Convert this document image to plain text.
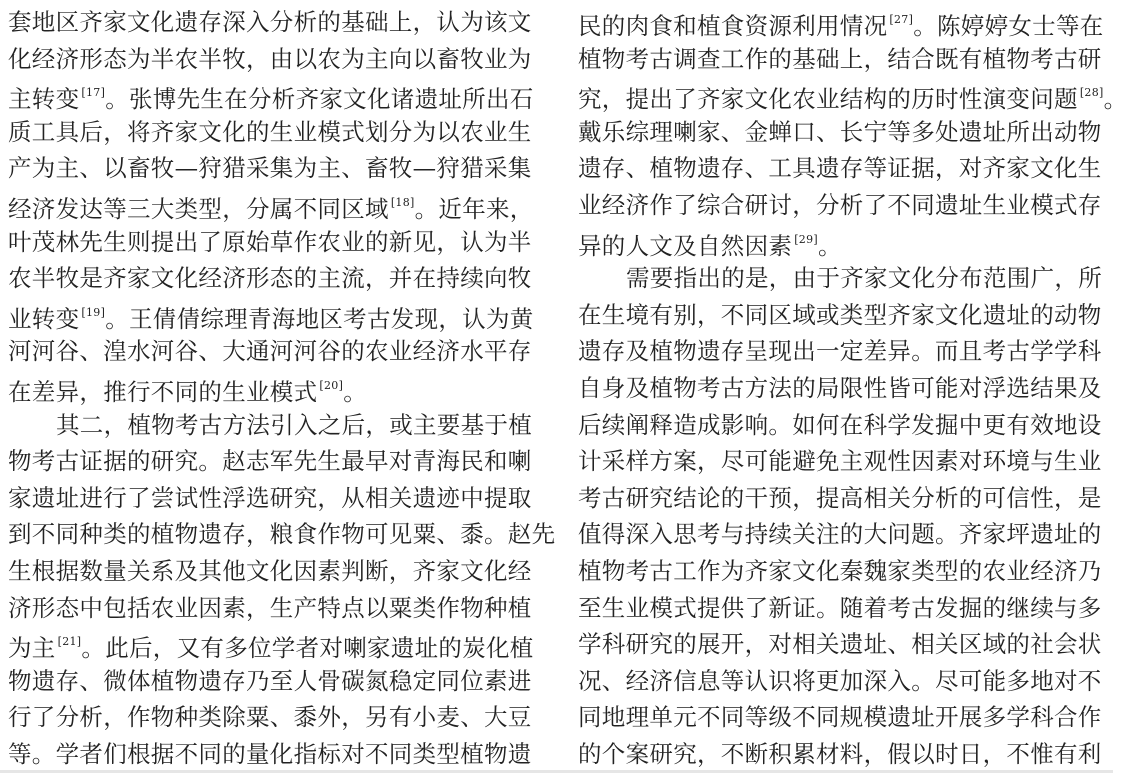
套地区齐家文化遗存深入分析的基础上，认为该文
化经济形态为半农半牧，由以农为主向以畜牧业为
主转变 [17]。张博先生在分析齐家文化诸遗址所出石
质工具后，将齐家文化的生业模式划分为以农业生
产为主、以畜牧—狩猎采集为主、畜牧—狩猎采集
经济发达等三大类型，分属不同区域 [18]。近年来，
叶茂林先生则提出了原始草作农业的新见，认为半
农半牧是齐家文化经济形态的主流，并在持续向牧
业转变 [19]。王倩倩综理青海地区考古发现，认为黄
河河谷、湟水河谷、大通河河谷的农业经济水平存
在差异，推行不同的生业模式 [20]。
其二，植物考古方法引入之后，或主要基于植
物考古证据的研究。赵志军先生最早对青海民和喇
家遗址进行了尝试性浮选研究，从相关遗迹中提取
到不同种类的植物遗存，粮食作物可见粟、黍。赵先
生根据数量关系及其他文化因素判断，齐家文化经
济形态中包括农业因素，生产特点以粟类作物种植
为主 [21]。此后，又有多位学者对喇家遗址的炭化植
物遗存、微体植物遗存乃至人骨碳氮稳定同位素进
行了分析，作物种类除粟、黍外，另有小麦、大豆
等。学者们根据不同的量化指标对不同类型植物遗
民的肉食和植食资源利用情况 [27]。陈婷婷女士等在
植物考古调查工作的基础上，结合既有植物考古研
究，提出了齐家文化农业结构的历时性演变问题 [28]。
戴乐综理喇家、金蝉口、长宁等多处遗址所出动物
遗存、植物遗存、工具遗存等证据，对齐家文化生
业经济作了综合研讨，分析了不同遗址生业模式存
异的人文及自然因素 [29]。
需要指出的是，由于齐家文化分布范围广，所
在生境有别，不同区域或类型齐家文化遗址的动物
遗存及植物遗存呈现出一定差异。而且考古学学科
自身及植物考古方法的局限性皆可能对浮选结果及
后续阐释造成影响。如何在科学发掘中更有效地设
计采样方案，尽可能避免主观性因素对环境与生业
考古研究结论的干预，提高相关分析的可信性，是
值得深入思考与持续关注的大问题。齐家坪遗址的
植物考古工作为齐家文化秦魏家类型的农业经济乃
至生业模式提供了新证。随着考古发掘的继续与多
学科研究的展开，对相关遗址、相关区域的社会状
况、经济信息等认识将更加深入。尽可能多地对不
同地理单元不同等级不同规模遗址开展多学科合作
的个案研究，不断积累材料，假以时日，不惟有利
